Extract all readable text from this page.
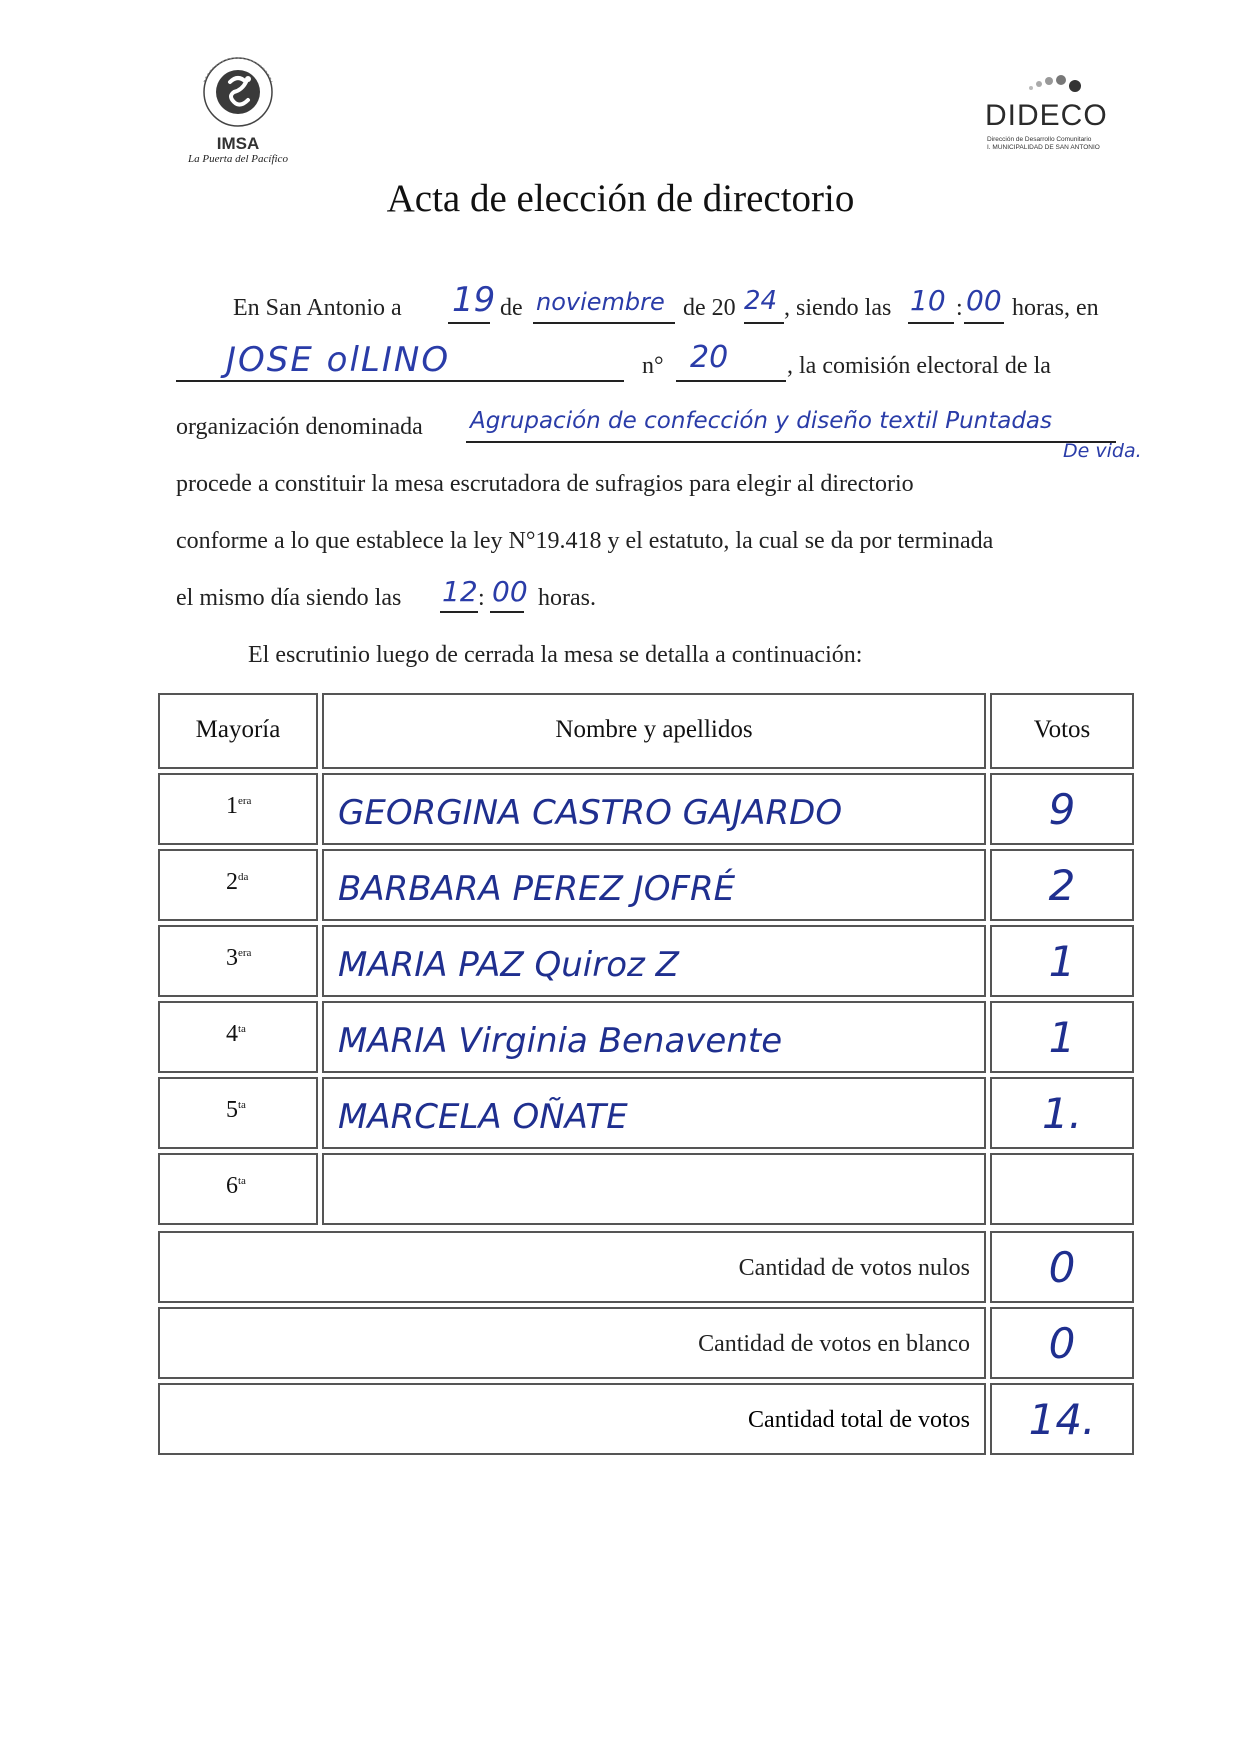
IMSA
La Puerta del Pacífico
DIDECO
Dirección de Desarrollo Comunitario
I. MUNICIPALIDAD DE SAN ANTONIO
Acta de elección de directorio
En San Antonio a 19 de noviembre de 20 24 , siendo las 10 : 00 horas, en
JOSE olLINO	n° 20 , la comisión electoral de la
organización denominada Agrupación de confección y diseño textil Puntadas
De vida.
procede a constituir la mesa escrutadora de sufragios para elegir al directorio
conforme a lo que establece la ley N°19.418 y el estatuto, la cual se da por terminada
el mismo día siendo las 12 : 00 horas.
El escrutinio luego de cerrada la mesa se detalla a continuación:
Mayoría	Nombre y apellidos	Votos
$1^{era}$	GEORGINA CASTRO GAJARDO	9
$2^{da}$	BARBARA PEREZ JOFRÉ	2
$3^{era}$	MARIA PAZ Quiroz Z	1
$4^{ta}$	MARIA Virginia Benavente	1
$5^{ta}$	MARCELA OÑATE	1.
$6^{ta}$
Cantidad de votos nulos	0
Cantidad de votos en blanco	0
Cantidad total de votos	14.
